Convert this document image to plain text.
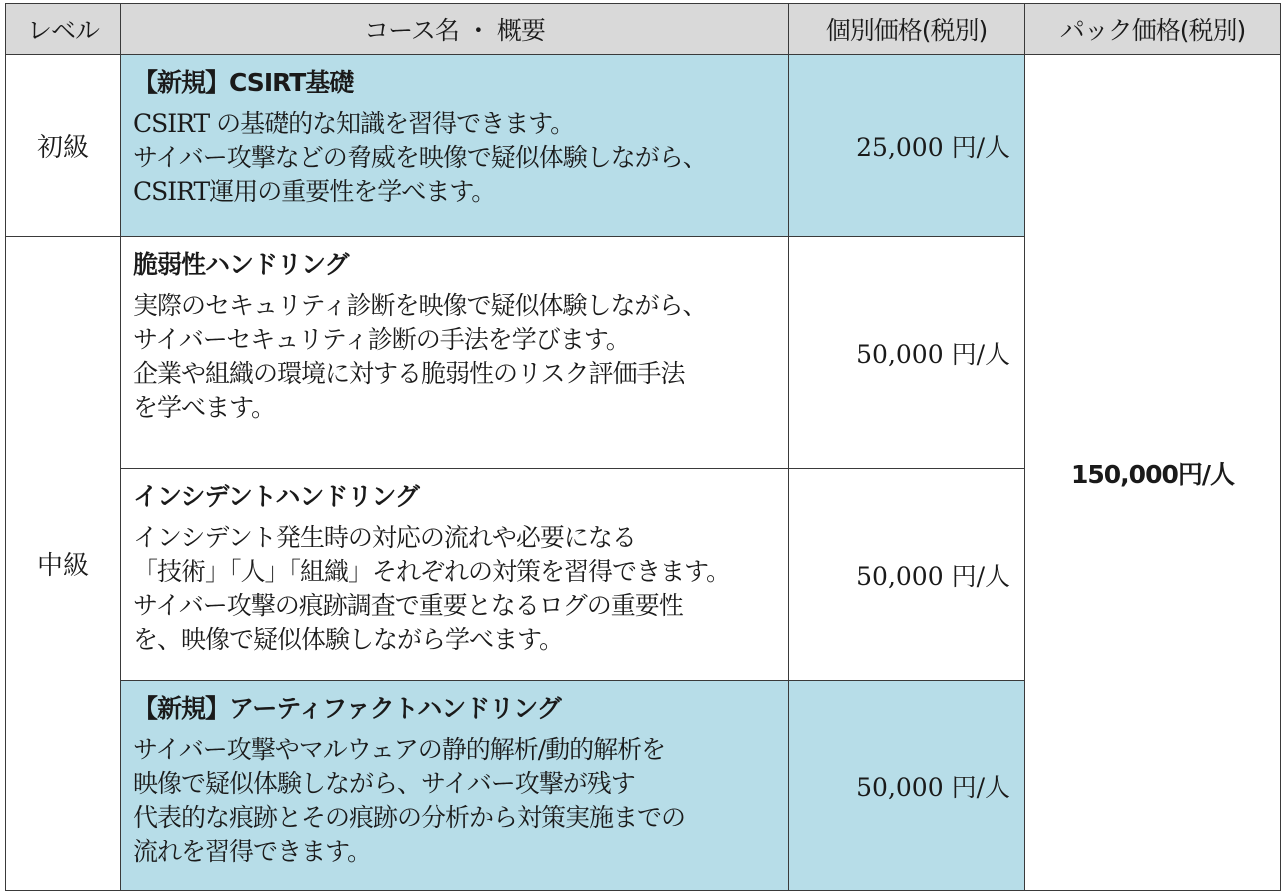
レベル	コース名 ・ 概要	個別価格(税別)	パック価格(税別)
初級	【新規】CSIRT基礎
CSIRT の基礎的な知識を習得できます。
サイバー攻撃などの脅威を映像で疑似体験しながら、
CSIRT運用の重要性を学べます。	25,000 円/人	150,000円/人
中級	脆弱性ハンドリング
実際のセキュリティ診断を映像で疑似体験しながら、
サイバーセキュリティ診断の手法を学びます。
企業や組織の環境に対する脆弱性のリスク評価手法
を学べます。	50,000 円/人	

	インシデントハンドリング
インシデント発生時の対応の流れや必要になる
「技術」「人」「組織」それぞれの対策を習得できます。
サイバー攻撃の痕跡調査で重要となるログの重要性
を、映像で疑似体験しながら学べます。	50,000 円/人	

	【新規】アーティファクトハンドリング
サイバー攻撃やマルウェアの静的解析/動的解析を
映像で疑似体験しながら、サイバー攻撃が残す
代表的な痕跡とその痕跡の分析から対策実施までの
流れを習得できます。	50,000 円/人	
